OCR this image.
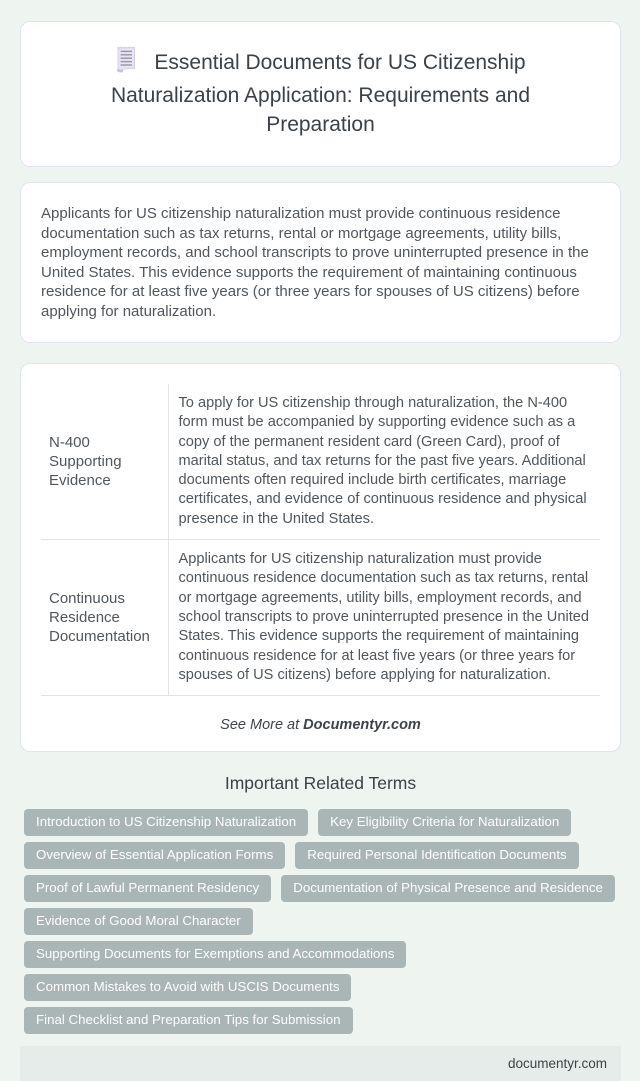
Essential Documents for US Citizenship Naturalization Application: Requirements and Preparation

Applicants for US citizenship naturalization must provide continuous residence documentation such as tax returns, rental or mortgage agreements, utility bills, employment records, and school transcripts to prove uninterrupted presence in the United States. This evidence supports the requirement of maintaining continuous residence for at least five years (or three years for spouses of US citizens) before applying for naturalization.

N-400 Supporting Evidence	To apply for US citizenship through naturalization, the N-400 form must be accompanied by supporting evidence such as a copy of the permanent resident card (Green Card), proof of marital status, and tax returns for the past five years. Additional documents often required include birth certificates, marriage certificates, and evidence of continuous residence and physical presence in the United States.
Continuous Residence Documentation	Applicants for US citizenship naturalization must provide continuous residence documentation such as tax returns, rental or mortgage agreements, utility bills, employment records, and school transcripts to prove uninterrupted presence in the United States. This evidence supports the requirement of maintaining continuous residence for at least five years (or three years for spouses of US citizens) before applying for naturalization.
See More at Documentyr.com
Important Related Terms
Introduction to US Citizenship Naturalization	Key Eligibility Criteria for Naturalization
Overview of Essential Application Forms	Required Personal Identification Documents
Proof of Lawful Permanent Residency	Documentation of Physical Presence and Residence
Evidence of Good Moral Character
Supporting Documents for Exemptions and Accommodations
Common Mistakes to Avoid with USCIS Documents
Final Checklist and Preparation Tips for Submission
documentyr.com
